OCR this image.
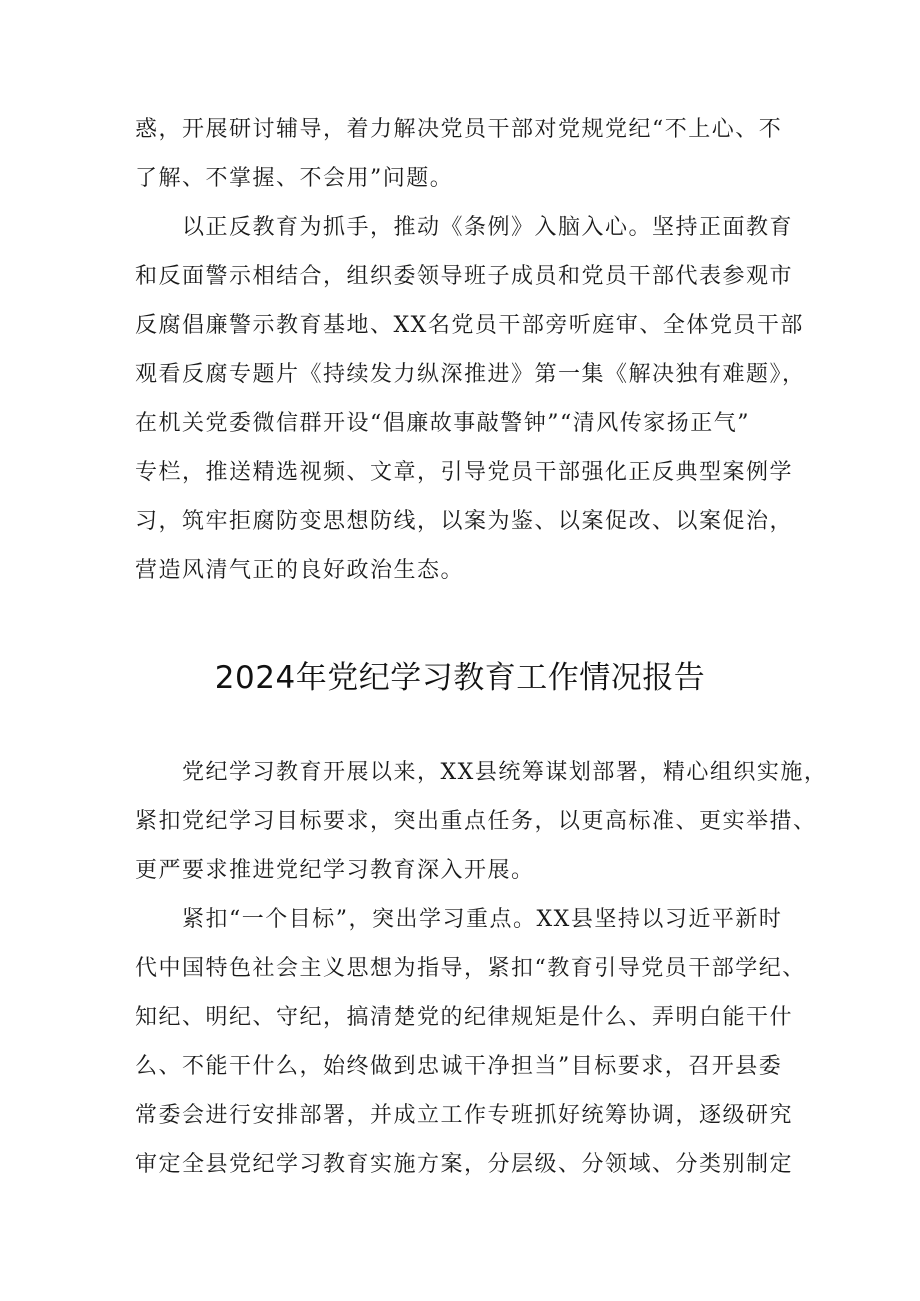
惑，开展研讨辅导，着力解决党员干部对党规党纪“不上心、不
了解、不掌握、不会用”问题。
　　以正反教育为抓手，推动《条例》入脑入心。坚持正面教育
和反面警示相结合，组织委领导班子成员和党员干部代表参观市
反腐倡廉警示教育基地、XX名党员干部旁听庭审、全体党员干部
观看反腐专题片《持续发力纵深推进》第一集《解决独有难题》，
在机关党委微信群开设“倡廉故事敲警钟”“清风传家扬正气”
专栏，推送精选视频、文章，引导党员干部强化正反典型案例学
习，筑牢拒腐防变思想防线，以案为鉴、以案促改、以案促治，
营造风清气正的良好政治生态。
2024年党纪学习教育工作情况报告
　　党纪学习教育开展以来，XX县统筹谋划部署，精心组织实施，
紧扣党纪学习目标要求，突出重点任务，以更高标准、更实举措、
更严要求推进党纪学习教育深入开展。
　　紧扣“一个目标”，突出学习重点。XX县坚持以习近平新时
代中国特色社会主义思想为指导，紧扣“教育引导党员干部学纪、
知纪、明纪、守纪，搞清楚党的纪律规矩是什么、弄明白能干什
么、不能干什么，始终做到忠诚干净担当”目标要求，召开县委
常委会进行安排部署，并成立工作专班抓好统筹协调，逐级研究
审定全县党纪学习教育实施方案，分层级、分领域、分类别制定
